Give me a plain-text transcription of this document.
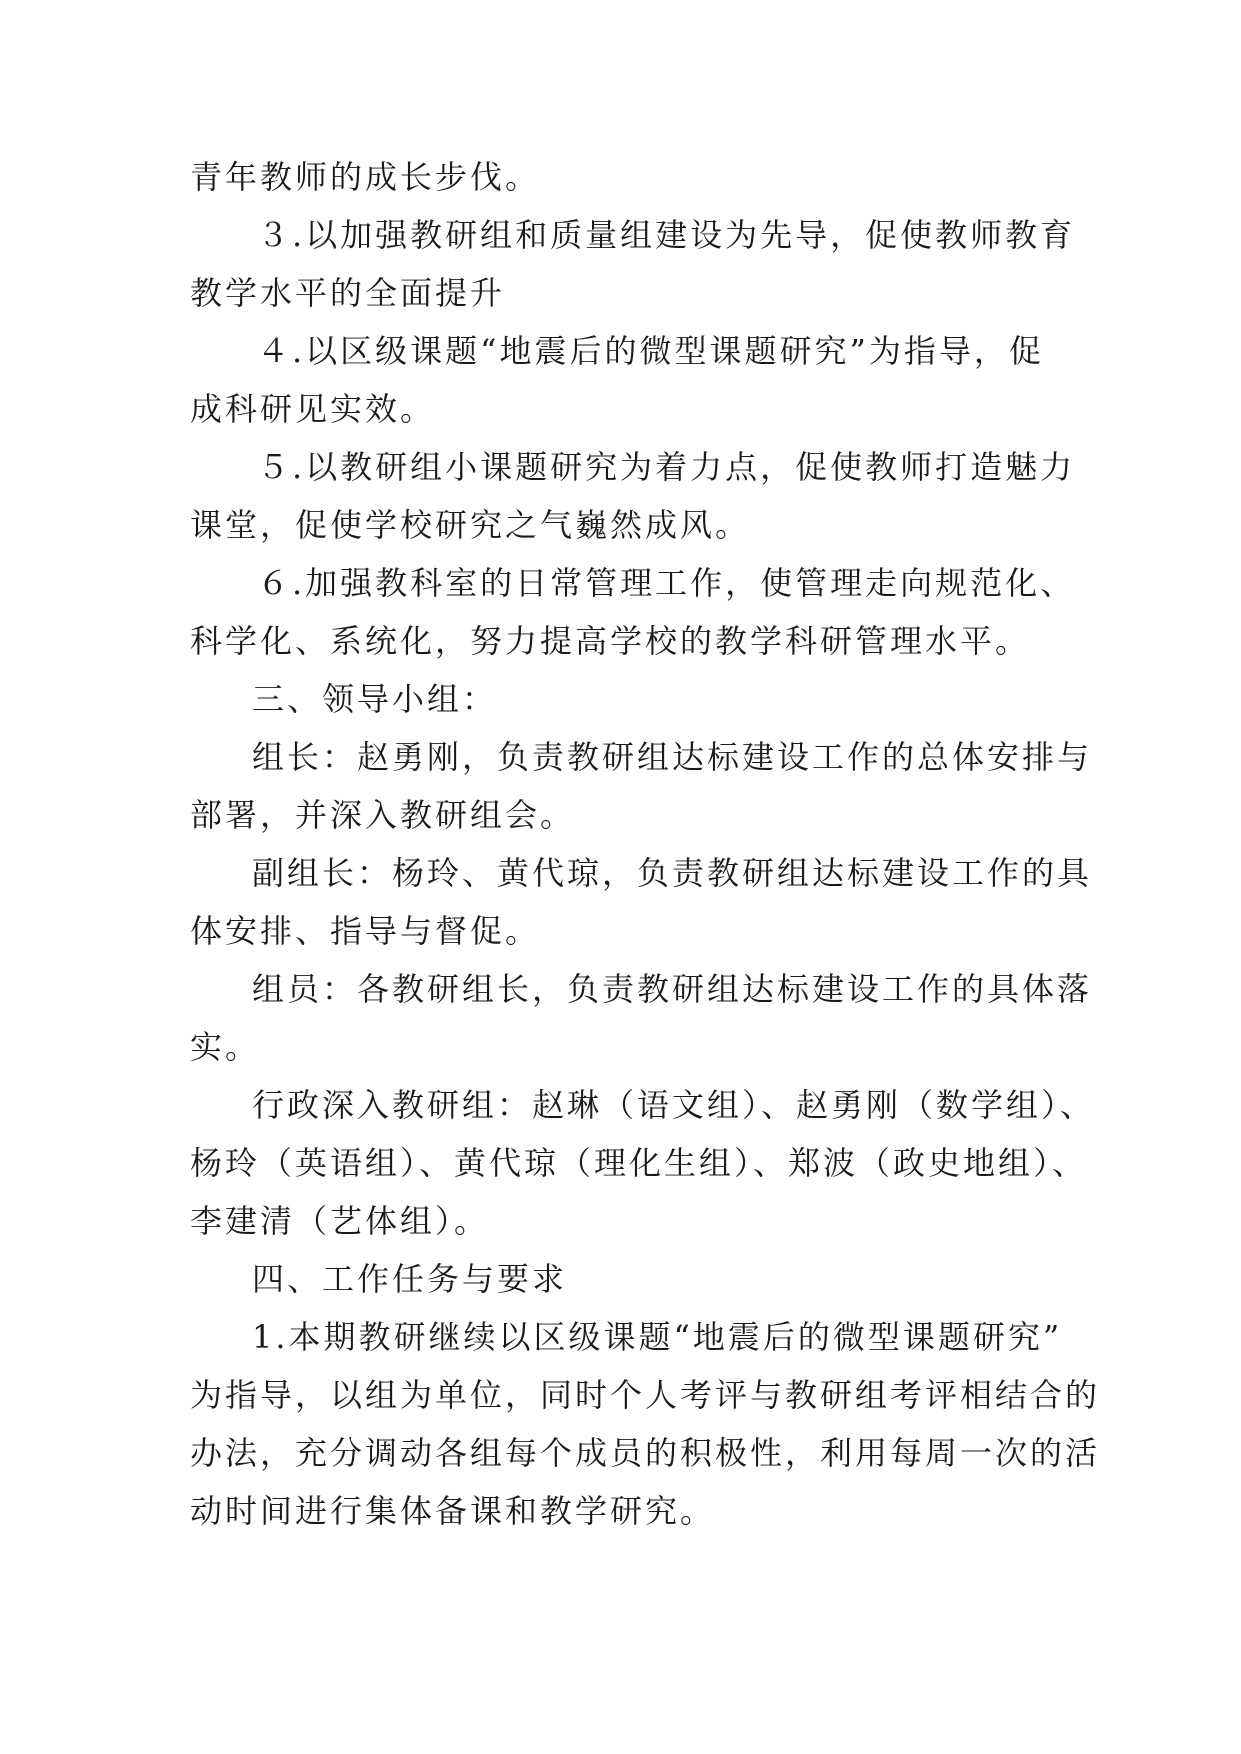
青年教师的成长步伐。
３.以加强教研组和质量组建设为先导，促使教师教育
教学水平的全面提升
４.以区级课题“地震后的微型课题研究”为指导，促
成科研见实效。
５.以教研组小课题研究为着力点，促使教师打造魅力
课堂，促使学校研究之气巍然成风。
６.加强教科室的日常管理工作，使管理走向规范化、
科学化、系统化，努力提高学校的教学科研管理水平。
三、领导小组：
组长：赵勇刚，负责教研组达标建设工作的总体安排与
部署，并深入教研组会。
副组长：杨玲、黄代琼，负责教研组达标建设工作的具
体安排、指导与督促。
组员：各教研组长，负责教研组达标建设工作的具体落
实。
行政深入教研组：赵琳（语文组）、赵勇刚（数学组）、
杨玲（英语组）、黄代琼（理化生组）、郑波（政史地组）、
李建清（艺体组）。
四、工作任务与要求
1.本期教研继续以区级课题“地震后的微型课题研究”
为指导，以组为单位，同时个人考评与教研组考评相结合的
办法，充分调动各组每个成员的积极性，利用每周一次的活
动时间进行集体备课和教学研究。
